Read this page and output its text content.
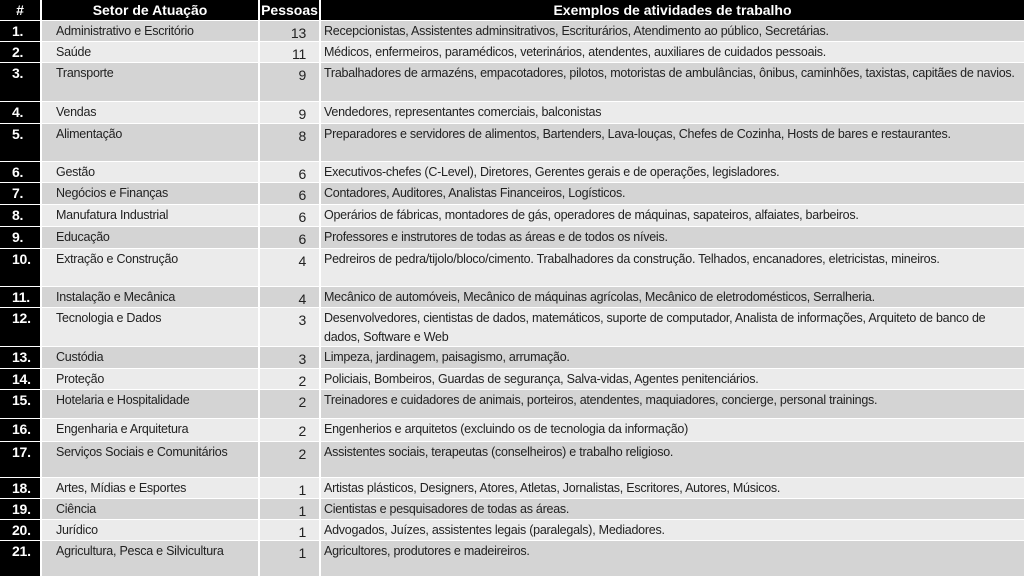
#	Setor de Atuação	Pessoas	Exemplos de atividades de trabalho
1.	Administrativo e Escritório	13	Recepcionistas, Assistentes adminsitrativos, Escriturários, Atendimento ao público, Secretárias.
2.	Saúde	11	Médicos, enfermeiros, paramédicos, veterinários, atendentes, auxiliares de cuidados pessoais.
3.	Transporte	9	Trabalhadores de armazéns, empacotadores, pilotos, motoristas de ambulâncias, ônibus, caminhões, taxistas, capitães de navios.
4.	Vendas	9	Vendedores, representantes comerciais, balconistas
5.	Alimentação	8	Preparadores e servidores de alimentos, Bartenders, Lava-louças, Chefes de Cozinha, Hosts de bares e restaurantes.
6.	Gestão	6	Executivos-chefes (C-Level), Diretores, Gerentes gerais e de operações, legisladores.
7.	Negócios e Finanças	6	Contadores, Auditores, Analistas Financeiros, Logísticos.
8.	Manufatura Industrial	6	Operários de fábricas, montadores de gás, operadores de máquinas, sapateiros, alfaiates, barbeiros.
9.	Educação	6	Professores e instrutores de todas as áreas e de todos os níveis.
10.	Extração e Construção	4	Pedreiros de pedra/tijolo/bloco/cimento. Trabalhadores da construção. Telhados, encanadores, eletricistas, mineiros.
11.	Instalação e Mecânica	4	Mecânico de automóveis, Mecânico de máquinas agrícolas, Mecânico de eletrodomésticos, Serralheria.
12.	Tecnologia e Dados	3	Desenvolvedores, cientistas de dados, matemáticos, suporte de computador, Analista de informações, Arquiteto de banco de dados, Software e Web
13.	Custódia	3	Limpeza, jardinagem, paisagismo, arrumação.
14.	Proteção	2	Policiais, Bombeiros, Guardas de segurança, Salva-vidas, Agentes penitenciários.
15.	Hotelaria e Hospitalidade	2	Treinadores e cuidadores de animais, porteiros, atendentes, maquiadores, concierge, personal trainings.
16.	Engenharia e Arquitetura	2	Engenherios e arquitetos (excluindo os de tecnologia da informação)
17.	Serviços Sociais e Comunitários	2	Assistentes sociais, terapeutas (conselheiros) e trabalho religioso.
18.	Artes, Mídias e Esportes	1	Artistas plásticos, Designers, Atores, Atletas, Jornalistas, Escritores, Autores, Músicos.
19.	Ciência	1	Cientistas e pesquisadores de todas as áreas.
20.	Jurídico	1	Advogados, Juízes, assistentes legais (paralegals), Mediadores.
21.	Agricultura, Pesca e Silvicultura	1	Agricultores, produtores e madeireiros.
